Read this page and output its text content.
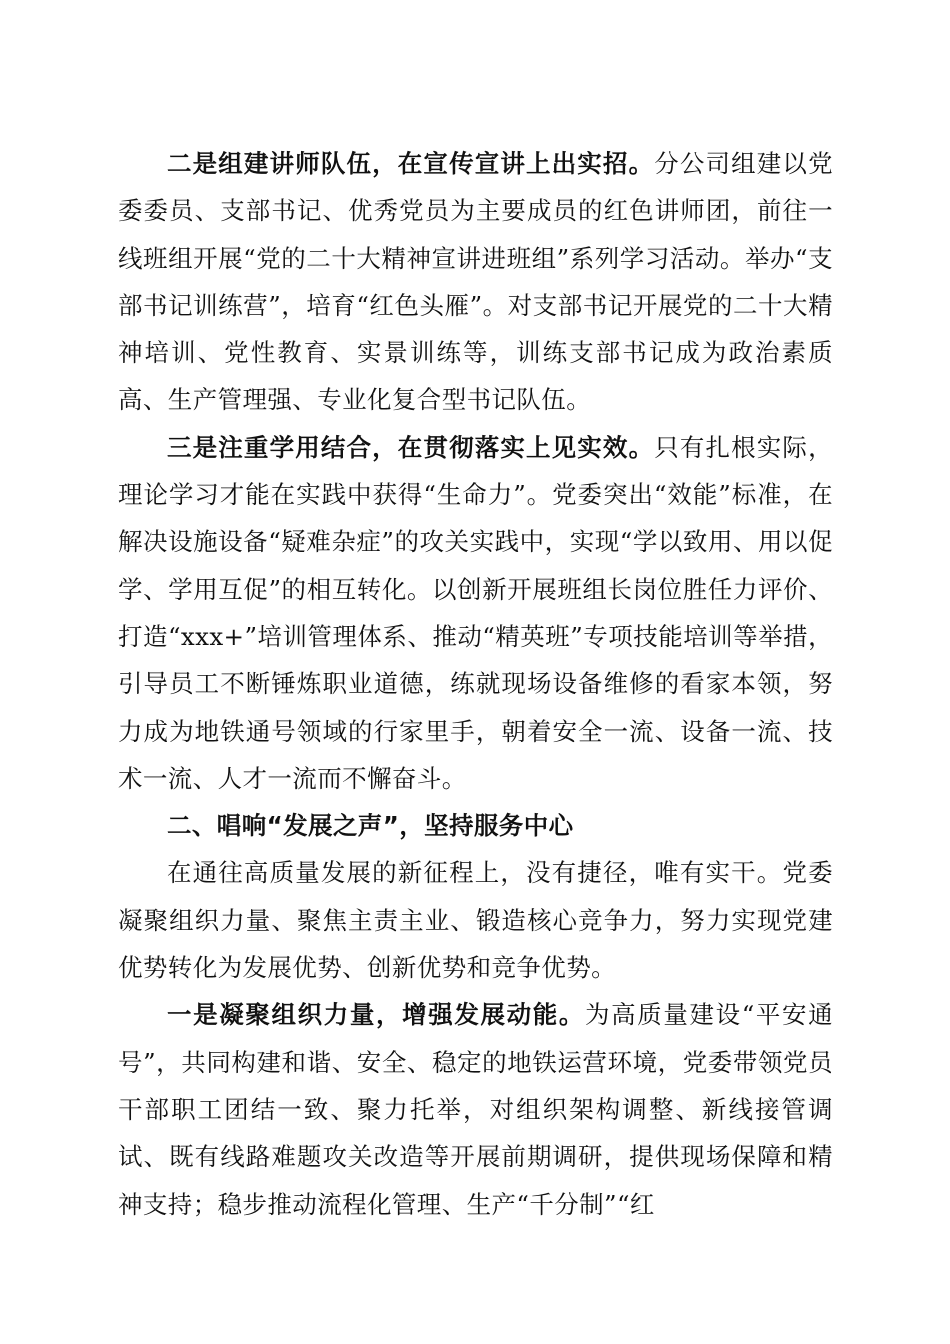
二是组建讲师队伍，在宣传宣讲上出实招。分公司组建以党委委员、支部书记、优秀党员为主要成员的红色讲师团，前往一线班组开展“党的二十大精神宣讲进班组”系列学习活动。举办“支部书记训练营”，培育“红色头雁”。对支部书记开展党的二十大精神培训、党性教育、实景训练等，训练支部书记成为政治素质高、生产管理强、专业化复合型书记队伍。

三是注重学用结合，在贯彻落实上见实效。只有扎根实际，理论学习才能在实践中获得“生命力”。党委突出“效能”标准，在解决设施设备“疑难杂症”的攻关实践中，实现“学以致用、用以促学、学用互促”的相互转化。以创新开展班组长岗位胜任力评价、打造“xxx+”培训管理体系、推动“精英班”专项技能培训等举措，引导员工不断锤炼职业道德，练就现场设备维修的看家本领，努力成为地铁通号领域的行家里手，朝着安全一流、设备一流、技术一流、人才一流而不懈奋斗。

二、唱响“发展之声”，坚持服务中心

在通往高质量发展的新征程上，没有捷径，唯有实干。党委凝聚组织力量、聚焦主责主业、锻造核心竞争力，努力实现党建优势转化为发展优势、创新优势和竞争优势。

一是凝聚组织力量，增强发展动能。为高质量建设“平安通号”，共同构建和谐、安全、稳定的地铁运营环境，党委带领党员干部职工团结一致、聚力托举，对组织架构调整、新线接管调试、既有线路难题攻关改造等开展前期调研，提供现场保障和精神支持；稳步推动流程化管理、生产“千分制”“红
